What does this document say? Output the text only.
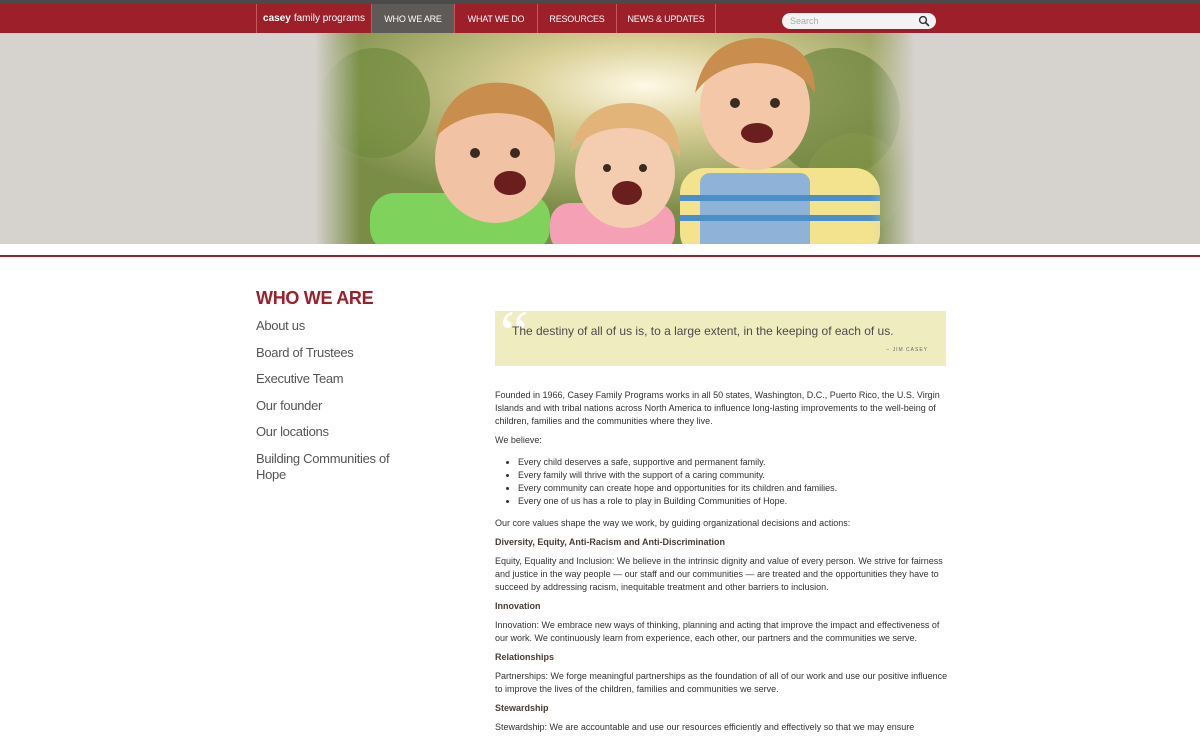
casey family programs	WHO WE ARE	WHAT WE DO	RESOURCES	NEWS & UPDATES
Search
WHO WE ARE
About us
Board of Trustees
Executive Team
Our founder
Our locations
Building Communities of Hope
“
The destiny of all of us is, to a large extent, in the keeping of each of us.
– JIM CASEY

Founded in 1966, Casey Family Programs works in all 50 states, Washington, D.C., Puerto Rico, the U.S. Virgin Islands and with tribal nations across North America to influence long-lasting improvements to the well-being of children, families and the communities where they live.

We believe:

• Every child deserves a safe, supportive and permanent family.
• Every family will thrive with the support of a caring community.
• Every community can create hope and opportunities for its children and families.
• Every one of us has a role to play in Building Communities of Hope.

Our core values shape the way we work, by guiding organizational decisions and actions:

Diversity, Equity, Anti-Racism and Anti-Discrimination

Equity, Equality and Inclusion: We believe in the intrinsic dignity and value of every person. We strive for fairness and justice in the way people — our staff and our communities — are treated and the opportunities they have to succeed by addressing racism, inequitable treatment and other barriers to inclusion.

Innovation

Innovation: We embrace new ways of thinking, planning and acting that improve the impact and effectiveness of our work. We continuously learn from experience, each other, our partners and the communities we serve.

Relationships

Partnerships: We forge meaningful partnerships as the foundation of all of our work and use our positive influence to improve the lives of the children, families and communities we serve.

Stewardship

Stewardship: We are accountable and use our resources efficiently and effectively so that we may ensure
